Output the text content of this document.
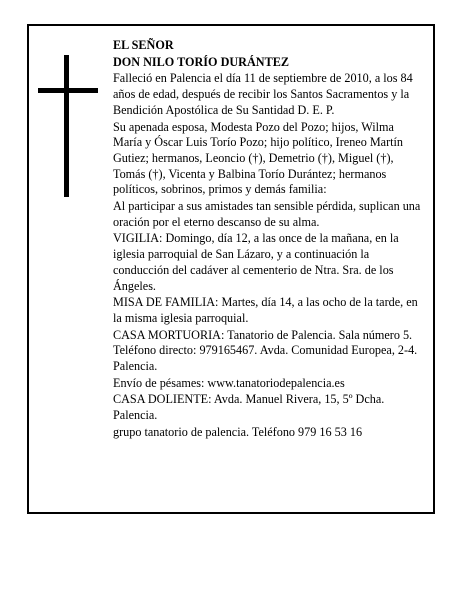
EL SEÑOR

DON NILO TORÍO DURÁNTEZ

Falleció en Palencia el día 11 de septiembre de 2010, a los 84 años de edad, después de recibir los Santos Sacramentos y la Bendición Apostólica de Su Santidad D. E. P.

Su apenada esposa, Modesta Pozo del Pozo; hijos, Wilma María y Óscar Luis Torío Pozo; hijo político, Ireneo Martín Gutiez; hermanos, Leoncio (†), Demetrio (†), Miguel (†), Tomás (†), Vicenta y Balbina Torío Durántez; hermanos políticos, sobrinos, primos y demás familia:

Al participar a sus amistades tan sensible pérdida, suplican una oración por el eterno descanso de su alma.

VIGILIA: Domingo, día 12, a las once de la mañana, en la iglesia parroquial de San Lázaro, y a continuación la conducción del cadáver al cementerio de Ntra. Sra. de los Ángeles.

MISA DE FAMILIA: Martes, día 14, a las ocho de la tarde, en la misma iglesia parroquial.

CASA MORTUORIA: Tanatorio de Palencia. Sala número 5. Teléfono directo: 979165467. Avda. Comunidad Europea, 2-4. Palencia.

Envío de pésames: www.tanatoriodepalencia.es

CASA DOLIENTE: Avda. Manuel Rivera, 15, 5º Dcha. Palencia.

grupo tanatorio de palencia. Teléfono 979 16 53 16
